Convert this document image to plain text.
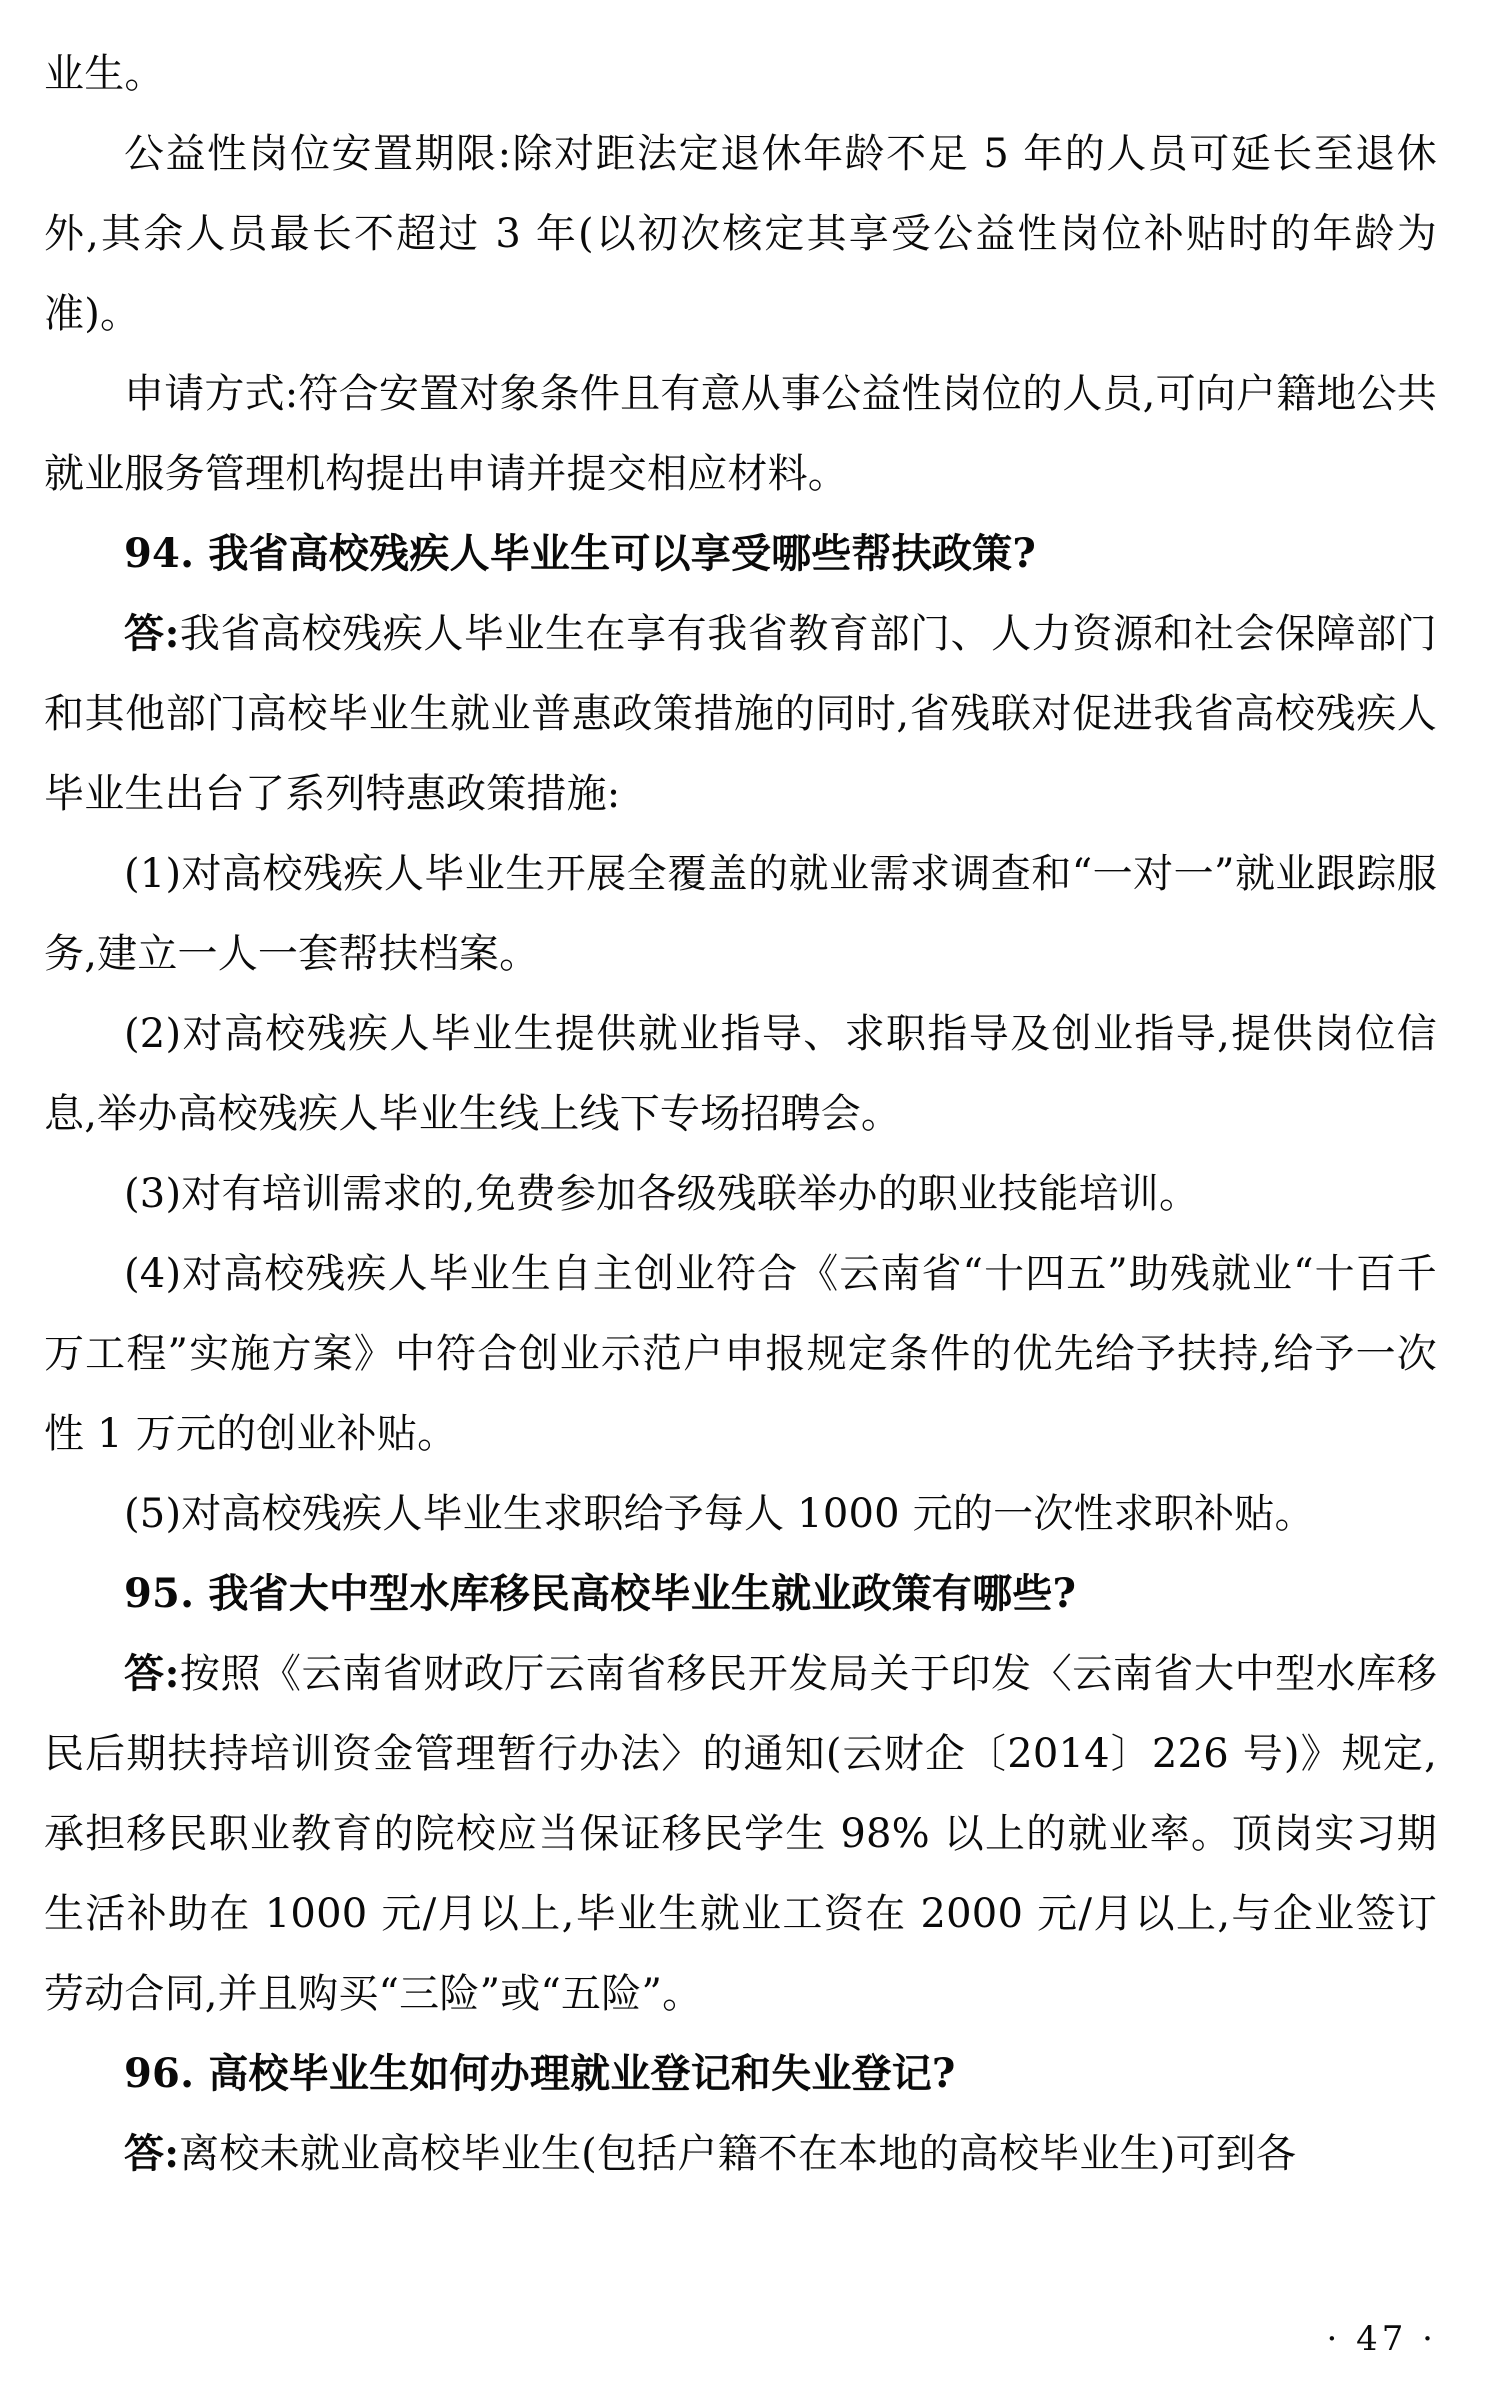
业生。

公益性岗位安置期限:除对距法定退休年龄不足 5 年的人员可延长至退休外,其余人员最长不超过 3 年(以初次核定其享受公益性岗位补贴时的年龄为准)。

申请方式:符合安置对象条件且有意从事公益性岗位的人员,可向户籍地公共就业服务管理机构提出申请并提交相应材料。

94. 我省高校残疾人毕业生可以享受哪些帮扶政策?

答:我省高校残疾人毕业生在享有我省教育部门、人力资源和社会保障部门和其他部门高校毕业生就业普惠政策措施的同时,省残联对促进我省高校残疾人毕业生出台了系列特惠政策措施:

(1)对高校残疾人毕业生开展全覆盖的就业需求调查和“一对一”就业跟踪服务,建立一人一套帮扶档案。

(2)对高校残疾人毕业生提供就业指导、求职指导及创业指导,提供岗位信息,举办高校残疾人毕业生线上线下专场招聘会。

(3)对有培训需求的,免费参加各级残联举办的职业技能培训。

(4)对高校残疾人毕业生自主创业符合《云南省“十四五”助残就业“十百千万工程”实施方案》中符合创业示范户申报规定条件的优先给予扶持,给予一次性 1 万元的创业补贴。

(5)对高校残疾人毕业生求职给予每人 1000 元的一次性求职补贴。

95. 我省大中型水库移民高校毕业生就业政策有哪些?

答:按照《云南省财政厅云南省移民开发局关于印发〈云南省大中型水库移民后期扶持培训资金管理暂行办法〉的通知(云财企〔2014〕226 号)》规定,承担移民职业教育的院校应当保证移民学生 98% 以上的就业率。顶岗实习期生活补助在 1000 元/月以上,毕业生就业工资在 2000 元/月以上,与企业签订劳动合同,并且购买“三险”或“五险”。

96. 高校毕业生如何办理就业登记和失业登记?

答:离校未就业高校毕业生(包括户籍不在本地的高校毕业生)可到各

· 47 ·
